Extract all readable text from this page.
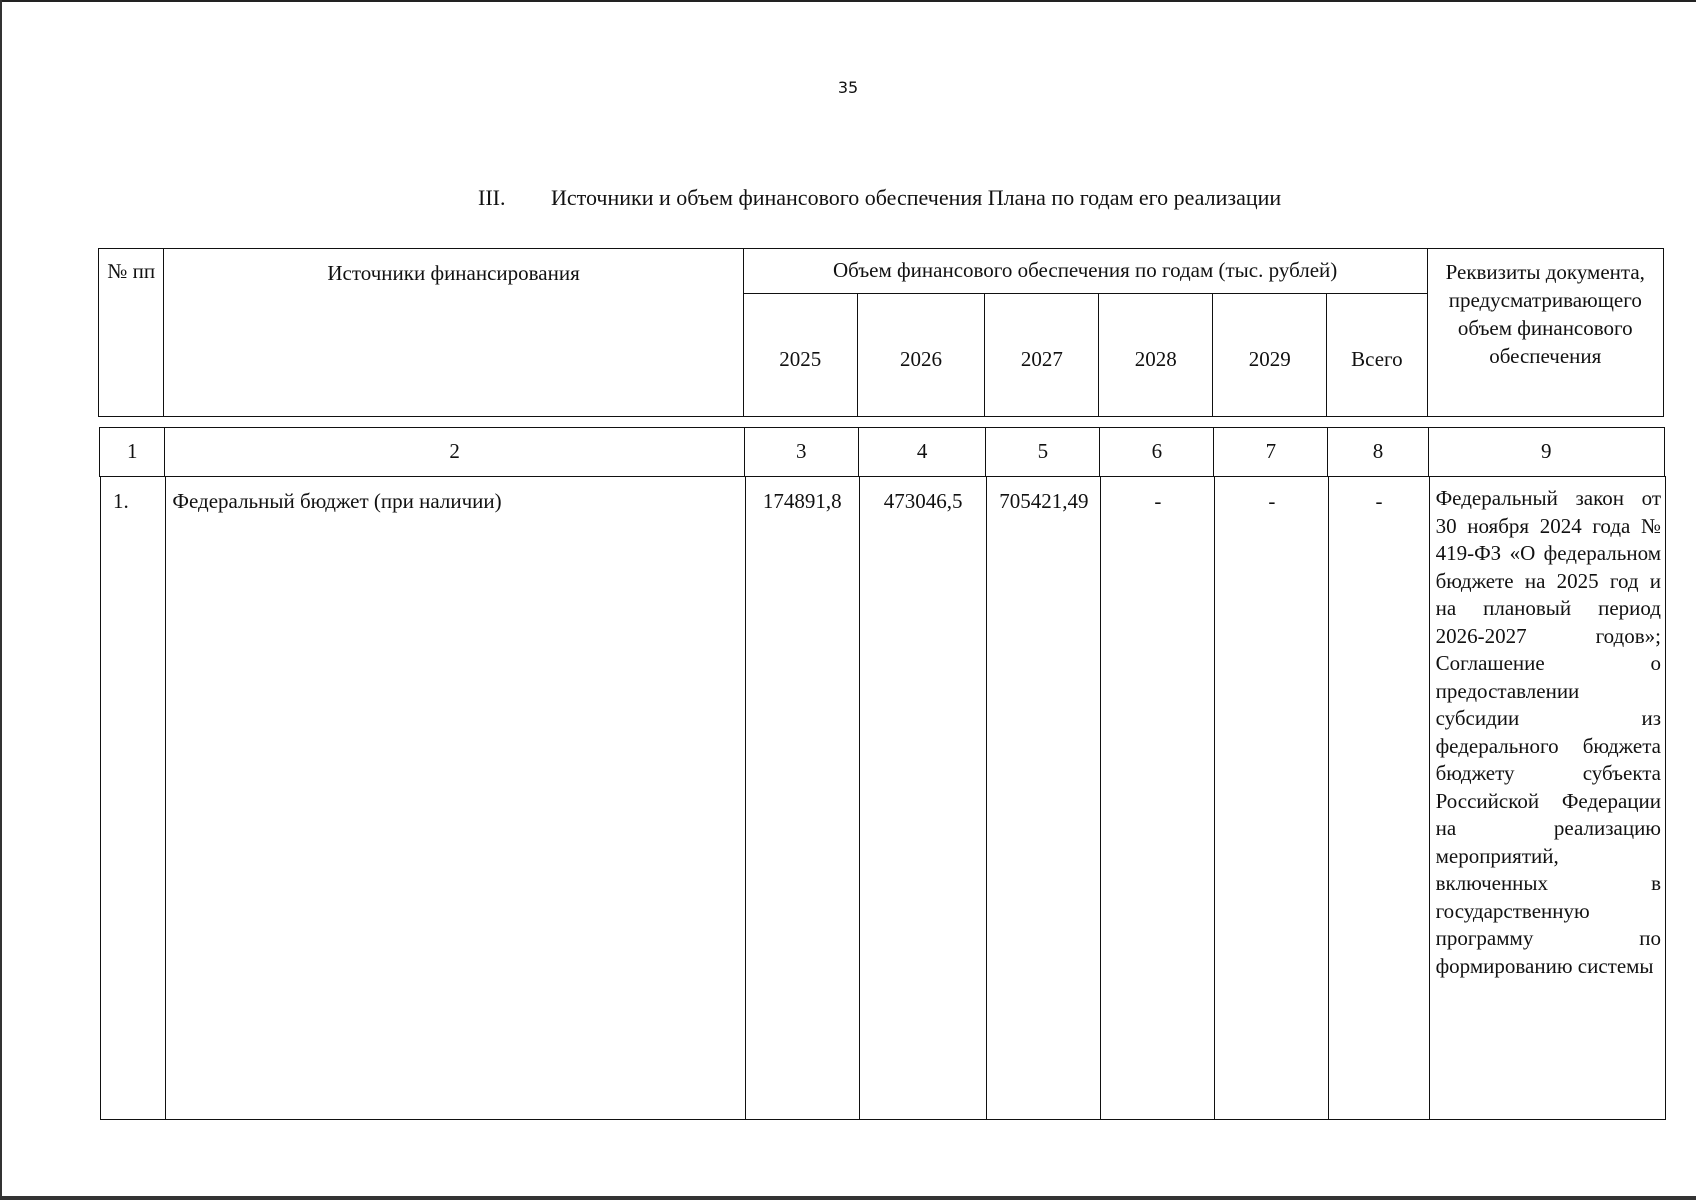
35
III. Источники и объем финансового обеспечения Плана по годам его реализации
№ пп	Источники финансирования	Объем финансового обеспечения по годам (тыс. рублей)						Реквизиты документа, предусматривающего объем финансового обеспечения
		2025	2026	2027	2028	2029	Всего	
1	2	3	4	5	6	7	8	9
1.	Федеральный бюджет (при наличии)	174891,8	473046,5	705421,49	-	-	-	Федеральный закон от 30 ноября 2024 года № 419-ФЗ «О федеральном бюджете на 2025 год и на плановый период 2026-2027 годов»; Соглашение о предоставлении субсидии из федерального бюджета бюджету субъекта Российской Федерации на реализацию мероприятий, включенных в государственную программу по формированию системы
